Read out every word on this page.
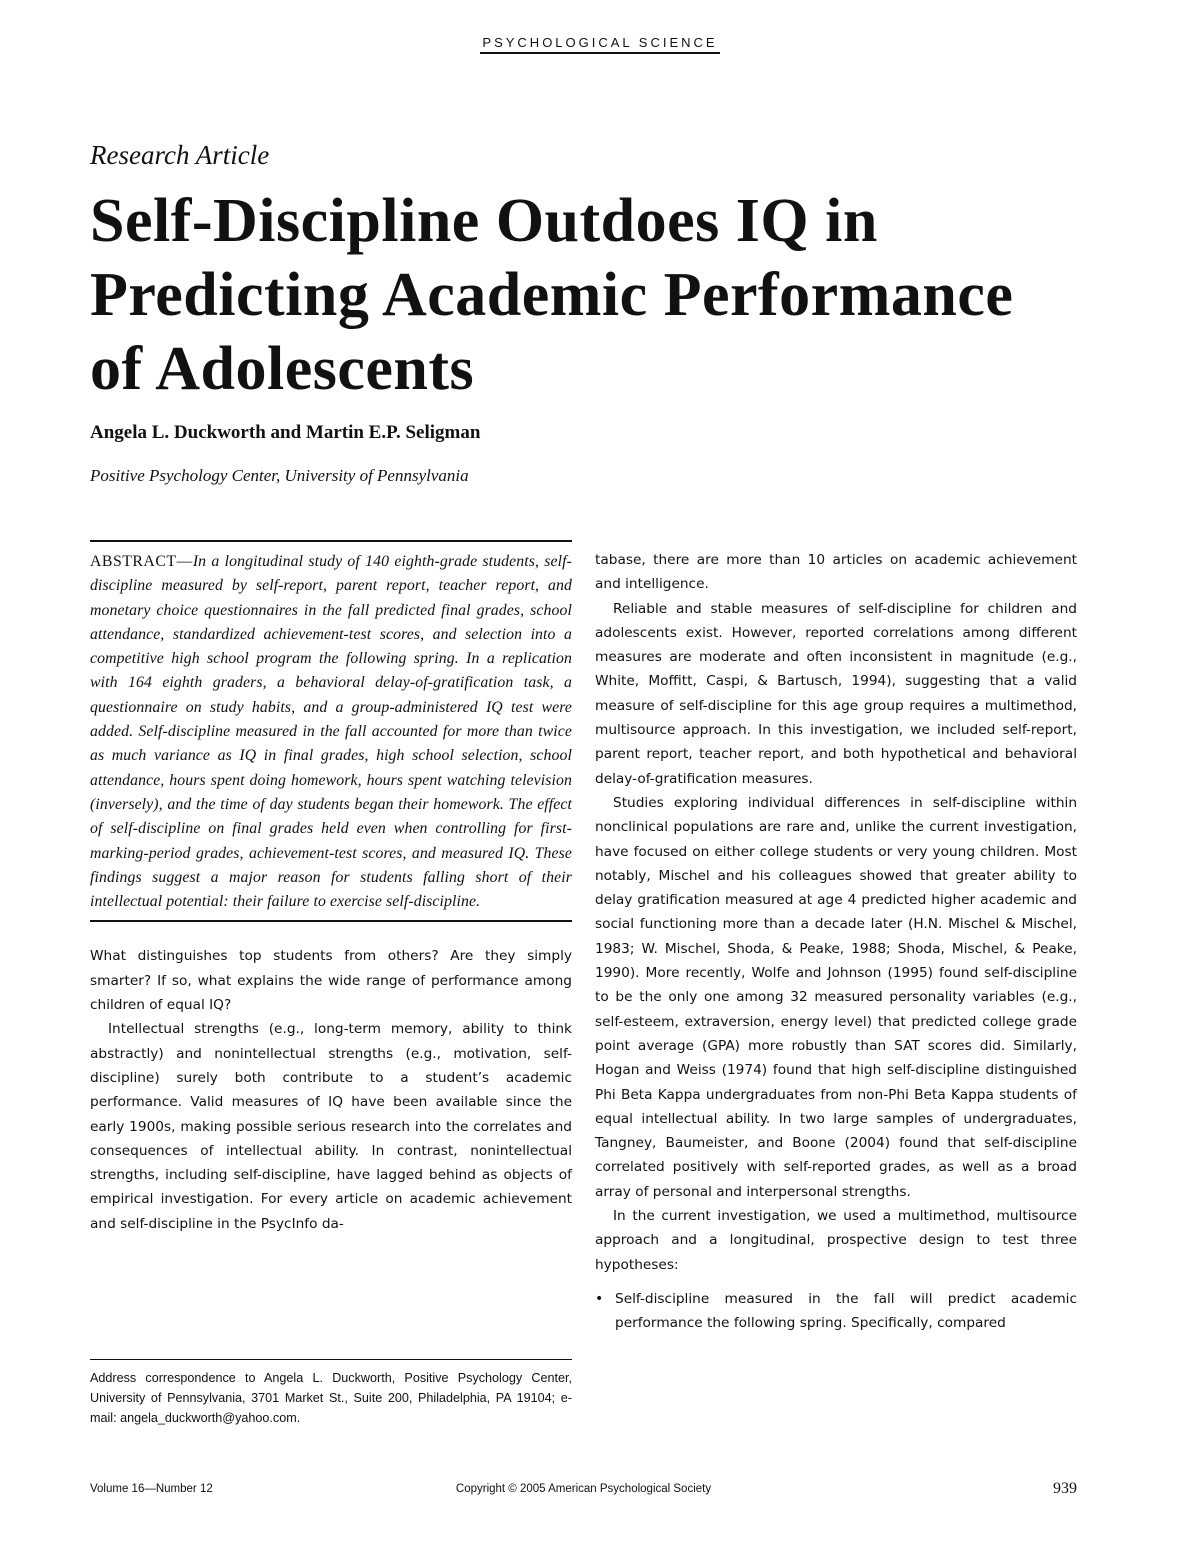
PSYCHOLOGICAL SCIENCE
Research Article
Self-Discipline Outdoes IQ in Predicting Academic Performance of Adolescents
Angela L. Duckworth and Martin E.P. Seligman
Positive Psychology Center, University of Pennsylvania

ABSTRACT—In a longitudinal study of 140 eighth-grade students, self-discipline measured by self-report, parent report, teacher report, and monetary choice questionnaires in the fall predicted final grades, school attendance, standardized achievement-test scores, and selection into a competitive high school program the following spring. In a replication with 164 eighth graders, a behavioral delay-of-gratification task, a questionnaire on study habits, and a group-administered IQ test were added. Self-discipline measured in the fall accounted for more than twice as much variance as IQ in final grades, high school selection, school attendance, hours spent doing homework, hours spent watching television (inversely), and the time of day students began their homework. The effect of self-discipline on final grades held even when controlling for first-marking-period grades, achievement-test scores, and measured IQ. These findings suggest a major reason for students falling short of their intellectual potential: their failure to exercise self-discipline.

What distinguishes top students from others? Are they simply smarter? If so, what explains the wide range of performance among children of equal IQ?

Intellectual strengths (e.g., long-term memory, ability to think abstractly) and nonintellectual strengths (e.g., motivation, self-discipline) surely both contribute to a student’s academic performance. Valid measures of IQ have been available since the early 1900s, making possible serious research into the correlates and consequences of intellectual ability. In contrast, nonintellectual strengths, including self-discipline, have lagged behind as objects of empirical investigation. For every article on academic achievement and self-discipline in the PsycInfo da-

Address correspondence to Angela L. Duckworth, Positive Psychology Center, University of Pennsylvania, 3701 Market St., Suite 200, Philadelphia, PA 19104; e-mail: angela_duckworth@yahoo.com.

tabase, there are more than 10 articles on academic achievement and intelligence.

Reliable and stable measures of self-discipline for children and adolescents exist. However, reported correlations among different measures are moderate and often inconsistent in magnitude (e.g., White, Moffitt, Caspi, & Bartusch, 1994), suggesting that a valid measure of self-discipline for this age group requires a multimethod, multisource approach. In this investigation, we included self-report, parent report, teacher report, and both hypothetical and behavioral delay-of-gratification measures.

Studies exploring individual differences in self-discipline within nonclinical populations are rare and, unlike the current investigation, have focused on either college students or very young children. Most notably, Mischel and his colleagues showed that greater ability to delay gratification measured at age 4 predicted higher academic and social functioning more than a decade later (H.N. Mischel & Mischel, 1983; W. Mischel, Shoda, & Peake, 1988; Shoda, Mischel, & Peake, 1990). More recently, Wolfe and Johnson (1995) found self-discipline to be the only one among 32 measured personality variables (e.g., self-esteem, extraversion, energy level) that predicted college grade point average (GPA) more robustly than SAT scores did. Similarly, Hogan and Weiss (1974) found that high self-discipline distinguished Phi Beta Kappa undergraduates from non-Phi Beta Kappa students of equal intellectual ability. In two large samples of undergraduates, Tangney, Baumeister, and Boone (2004) found that self-discipline correlated positively with self-reported grades, as well as a broad array of personal and interpersonal strengths.

In the current investigation, we used a multimethod, multisource approach and a longitudinal, prospective design to test three hypotheses:

• Self-discipline measured in the fall will predict academic performance the following spring. Specifically, compared

Volume 16—Number 12	Copyright © 2005 American Psychological Society	939
